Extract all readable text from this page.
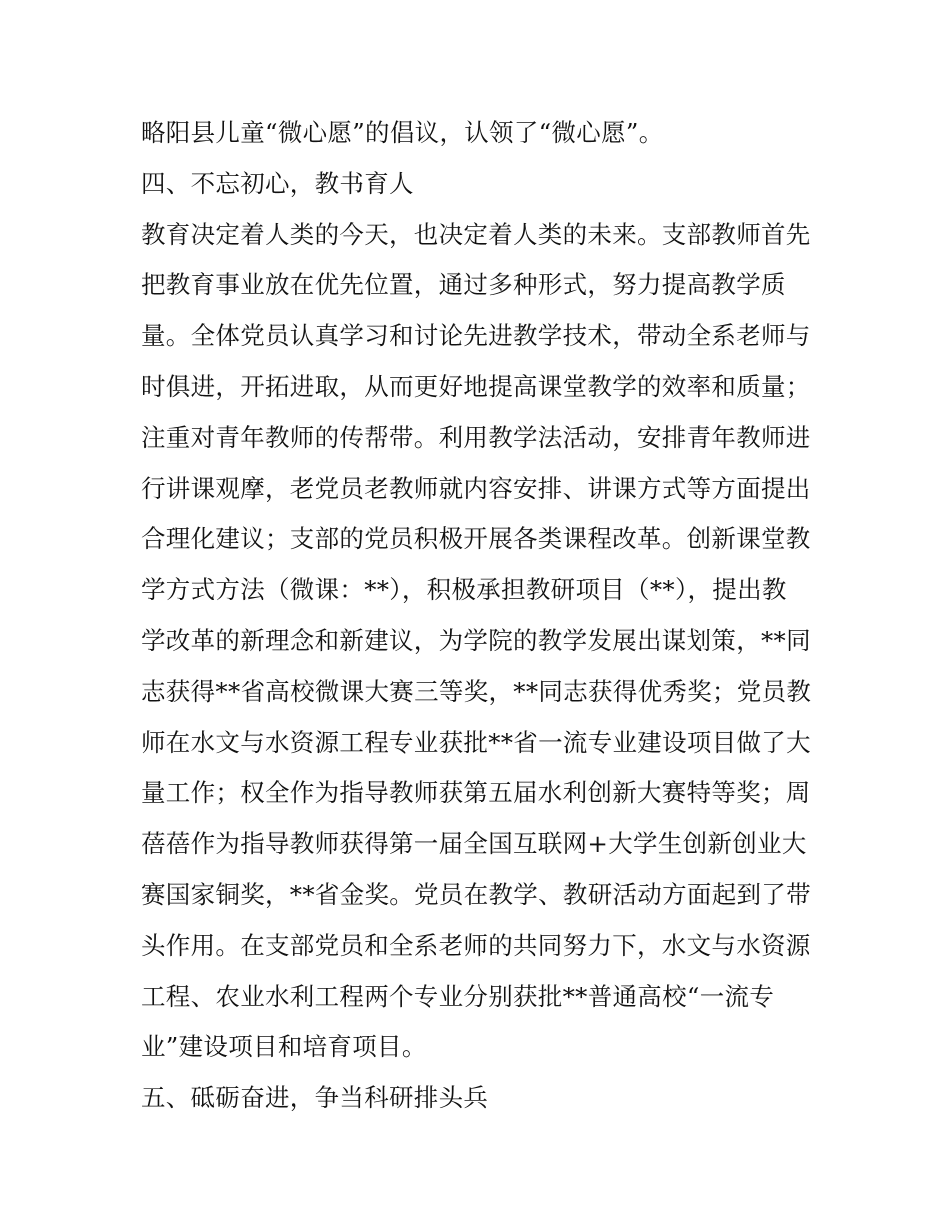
略阳县儿童“微心愿”的倡议，认领了“微心愿”。
四、不忘初心，教书育人
教育决定着人类的今天，也决定着人类的未来。支部教师首先
把教育事业放在优先位置，通过多种形式，努力提高教学质
量。全体党员认真学习和讨论先进教学技术，带动全系老师与
时俱进，开拓进取，从而更好地提高课堂教学的效率和质量；
注重对青年教师的传帮带。利用教学法活动，安排青年教师进
行讲课观摩，老党员老教师就内容安排、讲课方式等方面提出
合理化建议；支部的党员积极开展各类课程改革。创新课堂教
学方式方法（微课：**），积极承担教研项目（**），提出教
学改革的新理念和新建议，为学院的教学发展出谋划策，**同
志获得**省高校微课大赛三等奖，**同志获得优秀奖；党员教
师在水文与水资源工程专业获批**省一流专业建设项目做了大
量工作；权全作为指导教师获第五届水利创新大赛特等奖；周
蓓蓓作为指导教师获得第一届全国互联网+大学生创新创业大
赛国家铜奖，**省金奖。党员在教学、教研活动方面起到了带
头作用。在支部党员和全系老师的共同努力下，水文与水资源
工程、农业水利工程两个专业分别获批**普通高校“一流专
业”建设项目和培育项目。
五、砥砺奋进，争当科研排头兵
